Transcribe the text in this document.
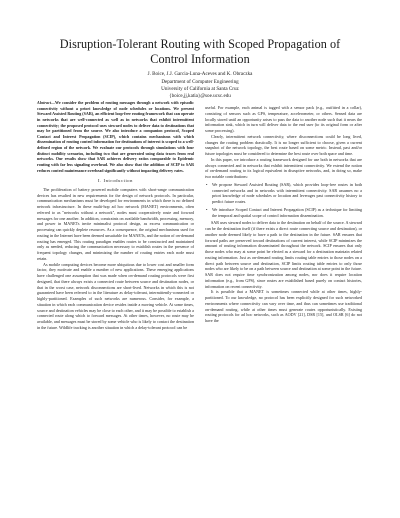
Disruption-Tolerant Routing with Scoped Propagation of Control Information
J. Boice, J.J. Garcia-Luna-Aceves and K. Obraczka
Department of Computer Engineering
University of California at Santa Cruz
{boice,jj,katia}@soe.ucsc.edu
Abstract—We consider the problem of routing messages through a network with episodic connectivity without a priori knowledge of node schedules or locations. We present Steward Assisted Routing (SAR), an efficient loop-free routing framework that can operate in networks that are well-connected as well as in networks that exhibit intermittent connectivity; the proposed protocol uses steward nodes to deliver data to destinations that may be partitioned from the source. We also introduce a companion protocol, Scoped Contact and Interest Propagation (SCIP), which contains mechanisms with which dissemination of routing control information for destinations of interest is scoped to a well-defined region of the network. We evaluate our protocols through simulations with four distinct mobility scenarios, including two that are generated using data traces from real networks. Our results show that SAR achieves delivery ratios comparable to Epidemic routing with far less signaling overhead. We also show that the addition of SCIP to SAR reduces control maintenance overhead significantly without impacting delivery rates.
I. Introduction

The proliferation of battery powered mobile computers with short-range communication devices has resulted in new requirements for the design of network protocols. In particular, communication mechanisms must be developed for environments in which there is no defined network infrastructure. In these multi-hop ad hoc network (MANET) environments, often referred to as "networks without a network", nodes must cooperatively route and forward messages for one another. In addition, constraints on available bandwidth, processing, memory, and power in MANETs invite minimalist protocol design, as excess communication or processing can quickly deplete resources. As a consequence, the original mechanisms used for routing in the Internet have been deemed unsuitable for MANETs, and the notion of on-demand routing has emerged. This routing paradigm enables routes to be constructed and maintained only as needed, reducing the communication necessary to establish routes in the presence of frequent topology changes, and minimizing the number of routing entries each node must retain.

As mobile computing devices become more ubiquitous due to lower cost and smaller form factor, they motivate and enable a number of new applications. These emerging applications have challenged one assumption that was made when on-demand routing protocols were first designed, that there always exists a connected route between source and destination nodes, or that in the worst case, network disconnections are short-lived. Networks in which this is not guaranteed have been referred to in the literature as delay-tolerant, intermittently-connected or highly-partitioned. Examples of such networks are numerous. Consider, for example, a situation in which each communication device resides inside a moving vehicle. At some times, source and destination vehicles may be close to each other, and it may be possible to establish a connected route along which to forward messages. At other times, however, no route may be available, and messages must be stored by some vehicle who is likely to contact the destination in the future. Wildlife tracking is another situation in which a delay-tolerant protocol can be

useful. For example, each animal is tagged with a sensor pack (e.g., outfitted in a collar), consisting of sensors such as GPS, temperature, accelerometer, or others. Sensed data are locally stored until an opportunity arises to pass the data to another node such that it nears the information sink, which in turn will deliver data to the end user (to its original form or after some processing).

Clearly, intermittent network connectivity, where disconnections could be long lived, changes the routing problem drastically. It is no longer sufficient to choose, given a current snapshot of the network topology, the best route based on some metric. Instead, past and/or future topologies must be considered to determine the best route over both space and time.

In this paper, we introduce a routing framework designed for use both in networks that are always connected and in networks that exhibit intermittent connectivity. We extend the notion of on-demand routing to its logical equivalent in disruptive networks, and, in doing so, make two notable contributions:

• We propose Steward Assisted Routing (SAR), which provides loop-free routes in both connected networks and in networks with intermittent connectivity. SAR assumes no a priori knowledge of node schedules or location and leverages past connectivity history to predict future routes.
• We introduce Scoped Contact and Interest Propagation (SCIP) as a technique for limiting the temporal and spatial scope of control information dissemination.

SAR uses steward nodes to deliver data to the destination on behalf of the source. A steward can be the destination itself (if there exists a direct route connecting source and destination), or another node deemed likely to have a path to the destination in the future. SAR ensures that forward paths are preserved toward destinations of current interest, while SCIP minimizes the amount of routing information disseminated throughout the network. SCIP ensures that only those nodes who may at some point be elected as a steward for a destination maintain related routing information. Just as on-demand routing limits routing table entries to those nodes on a direct path between source and destination, SCIP limits routing table entries to only those nodes who are likely to be on a path between source and destination at some point in the future. SAR does not require time synchronization among nodes, nor does it require location information (e.g., from GPS), since routes are established based purely on contact histories, information on recent connectivity.

It is possible that a MANET is sometimes connected while at other times, highly-partitioned. To our knowledge, no protocol has been explicitly designed for such networked environments where connectivity can vary over time, and thus can sometimes use traditional on-demand routing, while at other times must generate routes opportunistically. Existing routing protocols for ad hoc networks, such as AODV [21], DSR [15], and OLSR [6] do not have the
